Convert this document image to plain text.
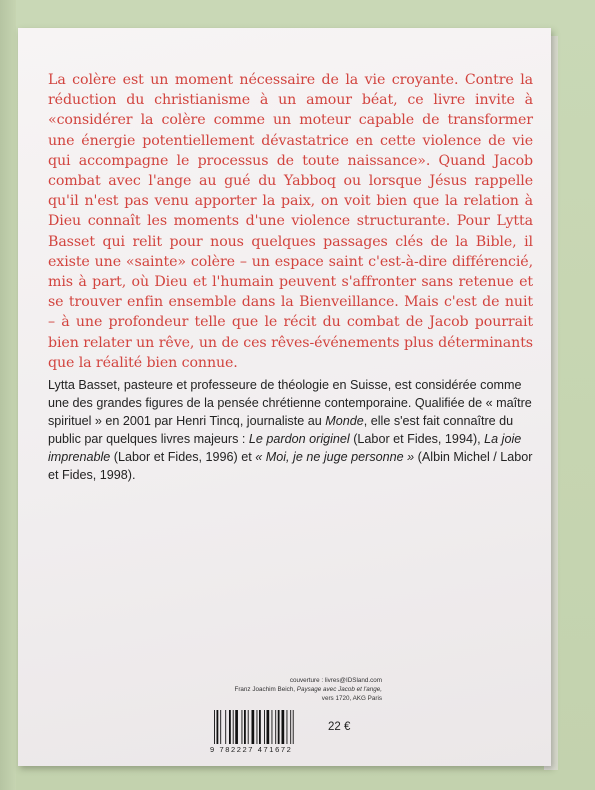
La colère est un moment nécessaire de la vie croyante. Contre la réduction du christianisme à un amour béat, ce livre invite à «considérer la colère comme un moteur capable de transformer une énergie potentiellement dévastatrice en cette violence de vie qui accompagne le processus de toute naissance». Quand Jacob combat avec l'ange au gué du Yabboq ou lorsque Jésus rappelle qu'il n'est pas venu apporter la paix, on voit bien que la relation à Dieu connaît les moments d'une violence structurante. Pour Lytta Basset qui relit pour nous quelques passages clés de la Bible, il existe une «sainte» colère – un espace saint c'est-à-dire différencié, mis à part, où Dieu et l'humain peuvent s'affronter sans retenue et se trouver enfin ensemble dans la Bienveillance. Mais c'est de nuit – à une profondeur telle que le récit du combat de Jacob pourrait bien relater un rêve, un de ces rêves-événements plus déterminants que la réalité bien connue.

Lytta Basset, pasteure et professeure de théologie en Suisse, est considérée comme une des grandes figures de la pensée chrétienne contemporaine. Qualifiée de « maître spirituel » en 2001 par Henri Tincq, journaliste au Monde, elle s'est fait connaître du public par quelques livres majeurs : Le pardon originel (Labor et Fides, 1994), La joie imprenable (Labor et Fides, 1996) et « Moi, je ne juge personne » (Albin Michel / Labor et Fides, 1998).

couverture : livres@IDSland.com
Franz Joachim Beich, Paysage avec Jacob et l'ange,
vers 1720, AKG Paris
9 782227 471672
22 €
